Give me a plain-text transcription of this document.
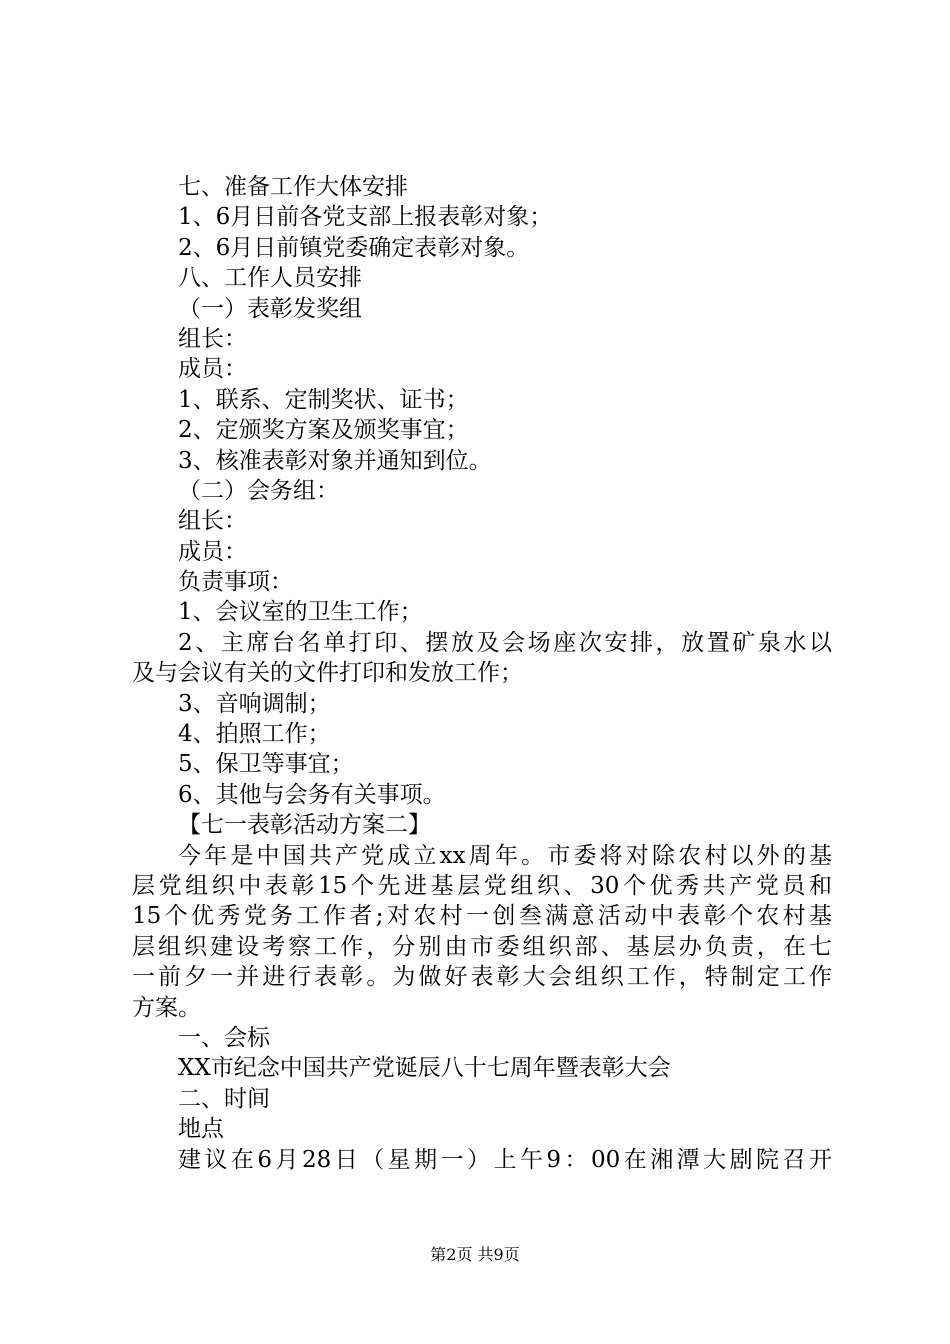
七、准备工作大体安排
1、6月日前各党支部上报表彰对象；
2、6月日前镇党委确定表彰对象。
八、工作人员安排
（一）表彰发奖组
组长：
成员：
1、联系、定制奖状、证书；
2、定颁奖方案及颁奖事宜；
3、核准表彰对象并通知到位。
（二）会务组：
组长：
成员：
负责事项：
1、会议室的卫生工作；
2、主席台名单打印、摆放及会场座次安排，放置矿泉水以
及与会议有关的文件打印和发放工作；
3、音响调制；
4、拍照工作；
5、保卫等事宜；
6、其他与会务有关事项。
【七一表彰活动方案二】
今年是中国共产党成立xx周年。市委将对除农村以外的基
层党组织中表彰15个先进基层党组织、30个优秀共产党员和
15个优秀党务工作者;对农村一创叁满意活动中表彰个农村基
层组织建设考察工作，分别由市委组织部、基层办负责，在七
一前夕一并进行表彰。为做好表彰大会组织工作，特制定工作
方案。
一、会标
XX市纪念中国共产党诞辰八十七周年暨表彰大会
二、时间
地点
建议在6月28日（星期一）上午9：00在湘潭大剧院召开
第2页 共9页
